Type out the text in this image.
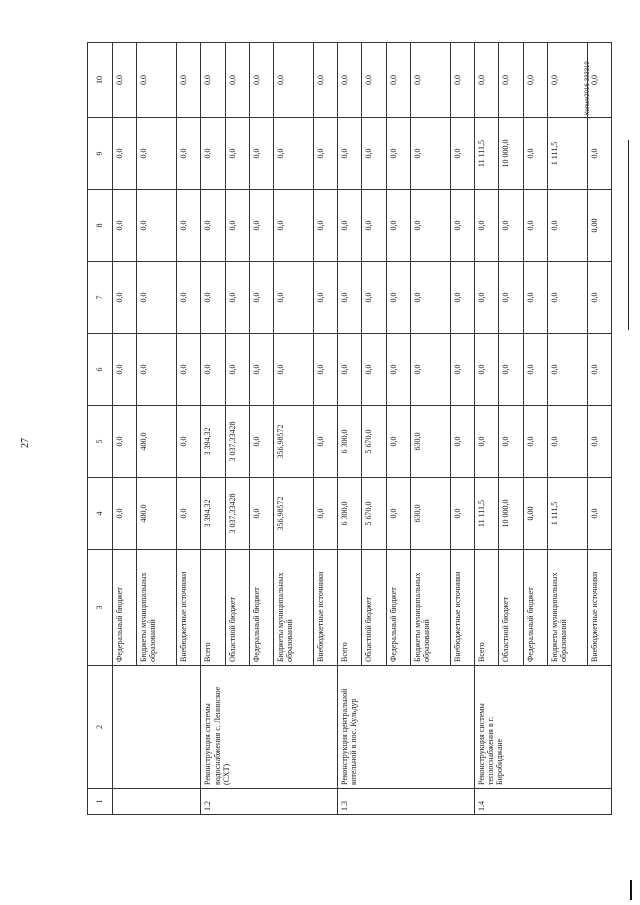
27
Копия/2016-333319
1	2	3	4	5	6	7	8	9	10
		Федеральный бюджет	0,0	0,0	0,0	0,0	0,0	0,0	0,0
		Бюджеты муниципальных образований	400,0	400,0	0,0	0,0	0,0	0,0	0,0
		Внебюджетные источники	0,0	0,0	0,0	0,0	0,0	0,0	0,0
1.2	Реконструкция системы водоснабжения с. Ленинское (СХТ)	Всего	3 394,32	3 394,32	0,0	0,0	0,0	0,0	0,0
		Областной бюджет	3 037,33428	3 037,33428	0,0	0,0	0,0	0,0	0,0
		Федеральный бюджет	0,0	0,0	0,0	0,0	0,0	0,0	0,0
		Бюджеты муниципальных образований	356,98572	356,98572	0,0	0,0	0,0	0,0	0,0
		Внебюджетные источники	0,0	0,0	0,0	0,0	0,0	0,0	0,0
1.3	Реконструкция центральной котельной в пос. Кульдур	Всего	6 300,0	6 300,0	0,0	0,0	0,0	0,0	0,0
		Областной бюджет	5 670,0	5 670,0	0,0	0,0	0,0	0,0	0,0
		Федеральный бюджет	0,0	0,0	0,0	0,0	0,0	0,0	0,0
		Бюджеты муниципальных образований	630,0	630,0	0,0	0,0	0,0	0,0	0,0
		Внебюджетные источники	0,0	0,0	0,0	0,0	0,0	0,0	0,0
1.4	Реконструкция системы теплоснабжения в г. Биробиджане	Всего	11 111,5	0,0	0,0	0,0	0,0	11 111,5	0,0
		Областной бюджет	10 000,0	0,0	0,0	0,0	0,0	10 000,0	0,0
		Федеральный бюджет	0,00	0,0	0,0	0,0	0,0	0,0	0,0
		Бюджеты муниципальных образований	1 111,5	0,0	0,0	0,0	0,0	1 111,5	0,0
		Внебюджетные источники	0,0	0,0	0,0	0,0	0,00	0,0	0,0
